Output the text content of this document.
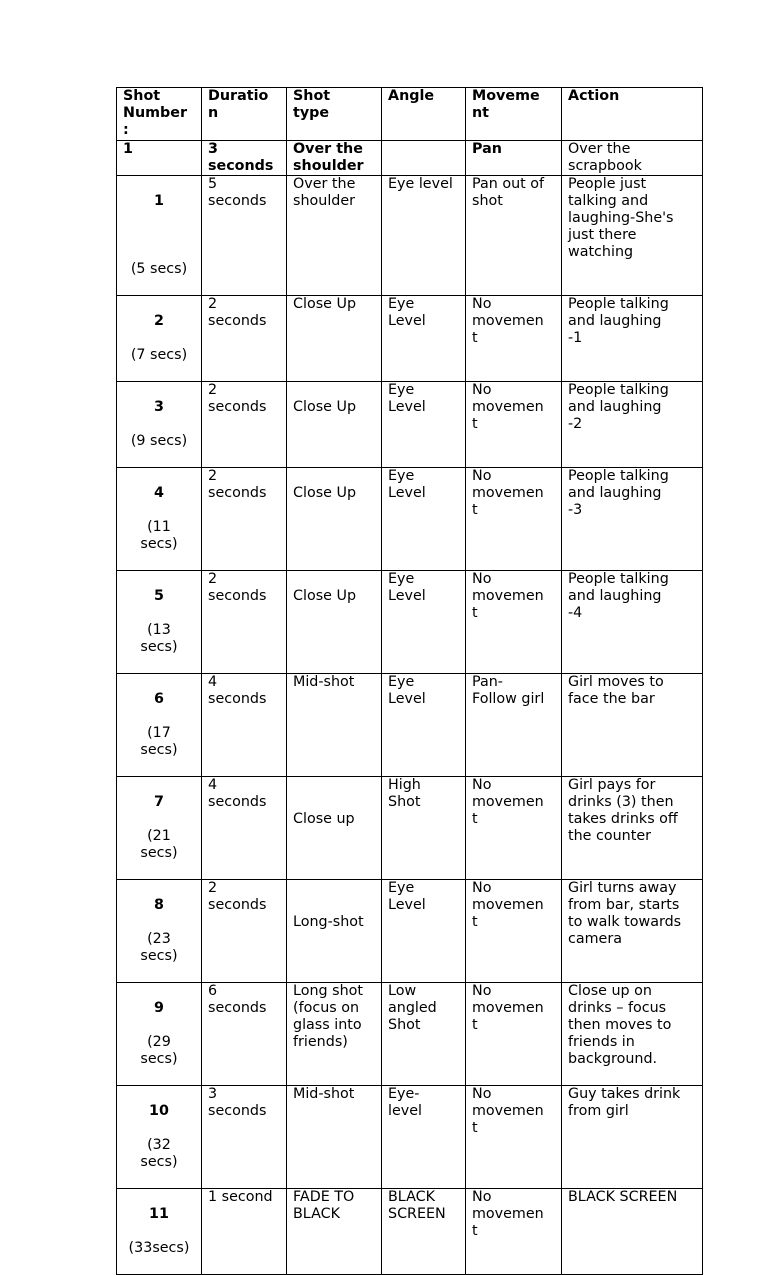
Shot
Number
:	Duratio
n	Shot
type	Angle	Moveme
nt	Action
1	3
seconds	Over the
shoulder		Pan	Over the
scrapbook

1

(5 secs)	5
seconds	Over the
shoulder	Eye level	Pan out of
shot	People just
talking and
laughing-She's
just there
watching

2

(7 secs)	2
seconds	Close Up	Eye
Level	No
movemen
t	People talking
and laughing
-1

3

(9 secs)	2
seconds	Close Up	Eye
Level	No
movemen
t	People talking
and laughing
-2

4

(11
secs)	2
seconds	Close Up	Eye
Level	No
movemen
t	People talking
and laughing
-3

5

(13
secs)	2
seconds	Close Up	Eye
Level	No
movemen
t	People talking
and laughing
-4

6

(17
secs)	4
seconds	Mid-shot	Eye
Level	Pan-
Follow girl	Girl moves to
face the bar

7

(21
secs)	4
seconds	Close up	High
Shot	No
movemen
t	Girl pays for
drinks (3) then
takes drinks off
the counter

8

(23
secs)	2
seconds	Long-shot	Eye
Level	No
movemen
t	Girl turns away
from bar, starts
to walk towards
camera

9

(29
secs)	6
seconds	Long shot
(focus on
glass into
friends)	Low
angled
Shot	No
movemen
t	Close up on
drinks – focus
then moves to
friends in
background.

10

(32
secs)	3
seconds	Mid-shot	Eye-
level	No
movemen
t	Guy takes drink
from girl

11

(33secs)	1 second	FADE TO
BLACK	BLACK
SCREEN	No
movemen
t	BLACK SCREEN
